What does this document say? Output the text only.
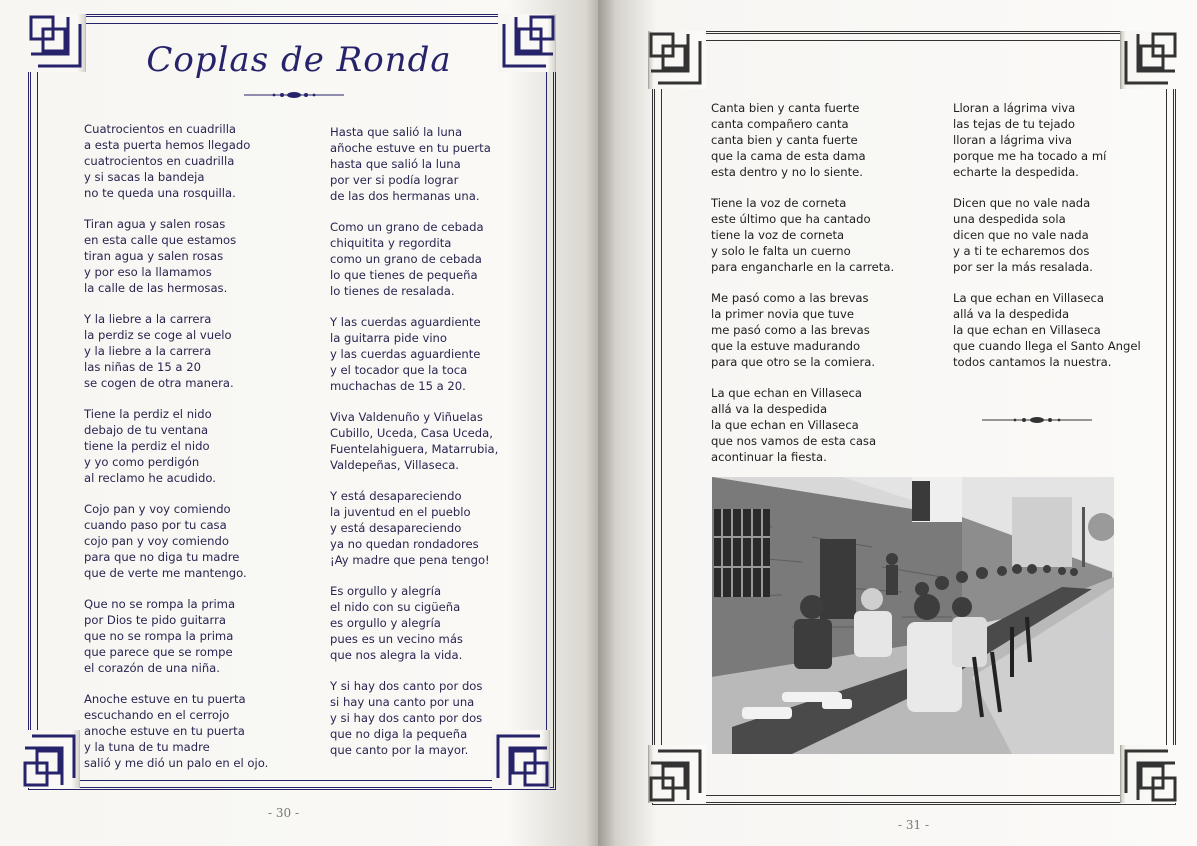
Coplas de Ronda
Cuatrocientos en cuadrilla
a esta puerta hemos llegado
cuatrocientos en cuadrilla
y si sacas la bandeja
no te queda una rosquilla.
Tiran agua y salen rosas
en esta calle que estamos
tiran agua y salen rosas
y por eso la llamamos
la calle de las hermosas.
Y la liebre a la carrera
la perdiz se coge al vuelo
y la liebre a la carrera
las niñas de 15 a 20
se cogen de otra manera.
Tiene la perdiz el nido
debajo de tu ventana
tiene la perdiz el nido
y yo como perdigón
al reclamo he acudido.
Cojo pan y voy comiendo
cuando paso por tu casa
cojo pan y voy comiendo
para que no diga tu madre
que de verte me mantengo.
Que no se rompa la prima
por Dios te pido guitarra
que no se rompa la prima
que parece que se rompe
el corazón de una niña.
Anoche estuve en tu puerta
escuchando en el cerrojo
anoche estuve en tu puerta
y la tuna de tu madre
salió y me dió un palo en el ojo.
Hasta que salió la luna
añoche estuve en tu puerta
hasta que salió la luna
por ver si podía lograr
de las dos hermanas una.
Como un grano de cebada
chiquitita y regordita
como un grano de cebada
lo que tienes de pequeña
lo tienes de resalada.
Y las cuerdas aguardiente
la guitarra pide vino
y las cuerdas aguardiente
y el tocador que la toca
muchachas de 15 a 20.
Viva Valdenuño y Viñuelas
Cubillo, Uceda, Casa Uceda,
Fuentelahiguera, Matarrubia,
Valdepeñas, Villaseca.
Y está desapareciendo
la juventud en el pueblo
y está desapareciendo
ya no quedan rondadores
¡Ay madre que pena tengo!
Es orgullo y alegría
el nido con su cigüeña
es orgullo y alegría
pues es un vecino más
que nos alegra la vida.
Y si hay dos canto por dos
si hay una canto por una
y si hay dos canto por dos
que no diga la pequeña
que canto por la mayor.
- 30 -
Canta bien y canta fuerte
canta compañero canta
canta bien y canta fuerte
que la cama de esta dama
esta dentro y no lo siente.
Tiene la voz de corneta
este último que ha cantado
tiene la voz de corneta
y solo le falta un cuerno
para engancharle en la carreta.
Me pasó como a las brevas
la primer novia que tuve
me pasó como a las brevas
que la estuve madurando
para que otro se la comiera.
La que echan en Villaseca
allá va la despedida
la que echan en Villaseca
que nos vamos de esta casa
acontinuar la fiesta.
Lloran a lágrima viva
las tejas de tu tejado
lloran a lágrima viva
porque me ha tocado a mí
echarte la despedida.
Dicen que no vale nada
una despedida sola
dicen que no vale nada
y a ti te echaremos dos
por ser la más resalada.
La que echan en Villaseca
allá va la despedida
la que echan en Villaseca
que cuando llega el Santo Angel
todos cantamos la nuestra.
- 31 -
